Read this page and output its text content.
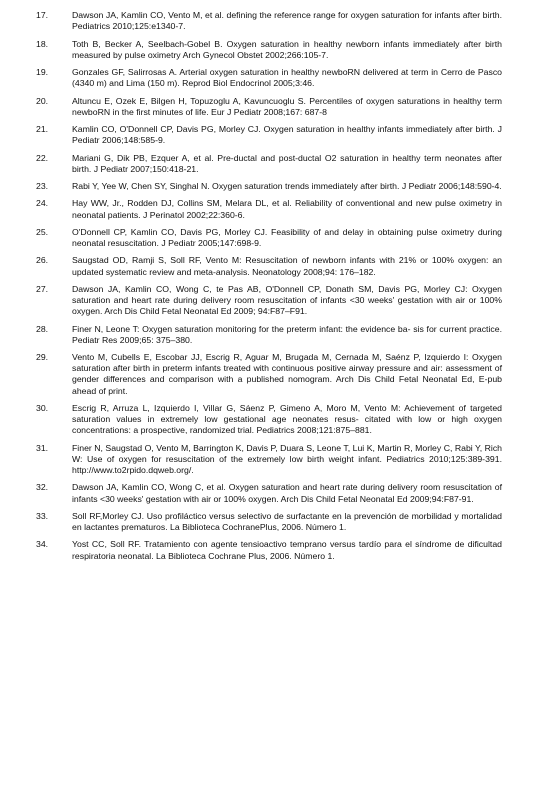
17.	Dawson JA, Kamlin CO, Vento M, et al. defining the reference range for oxygen saturation for infants after birth. Pediatrics 2010;125:e1340-7.
18.	Toth B, Becker A, Seelbach-Gobel B. Oxygen saturation in healthy newborn infants immediately after birth measured by pulse oximetry Arch Gynecol Obstet 2002;266:105-7.
19.	Gonzales GF, Salirrosas A. Arterial oxygen saturation in healthy newboRN delivered at term in Cerro de Pasco (4340 m) and Lima (150 m). Reprod Biol Endocrinol 2005;3:46.
20.	Altuncu E, Ozek E, Bilgen H, Topuzoglu A, Kavuncuoglu S. Percentiles of oxygen saturations in healthy term newboRN in the first minutes of life. Eur J Pediatr 2008;167: 687-8
21.	Kamlin CO, O'Donnell CP, Davis PG, Morley CJ. Oxygen saturation in healthy infants immediately after birth. J Pediatr 2006;148:585-9.
22.	Mariani G, Dik PB, Ezquer A, et al. Pre-ductal and post-ductal O2 saturation in healthy term neonates after birth. J Pediatr 2007;150:418-21.
23.	Rabi Y, Yee W, Chen SY, Singhal N. Oxygen saturation trends immediately after birth. J Pediatr 2006;148:590-4.
24.	Hay WW, Jr., Rodden DJ, Collins SM, Melara DL, et al. Reliability of conventional and new pulse oximetry in neonatal patients. J Perinatol 2002;22:360-6.
25.	O'Donnell CP, Kamlin CO, Davis PG, Morley CJ. Feasibility of and delay in obtaining pulse oximetry during neonatal resuscitation. J Pediatr 2005;147:698-9.
26.	Saugstad OD, Ramji S, Soll RF, Vento M: Resuscitation of newborn infants with 21% or 100% oxygen: an updated systematic review and meta-analysis. Neonatology 2008;94: 176–182.
27.	Dawson JA, Kamlin CO, Wong C, te Pas AB, O'Donnell CP, Donath SM, Davis PG, Morley CJ: Oxygen saturation and heart rate during delivery room resuscitation of infants <30 weeks' gestation with air or 100% oxygen. Arch Dis Child Fetal Neonatal Ed 2009; 94:F87–F91.
28.	Finer N, Leone T: Oxygen saturation monitoring for the preterm infant: the evidence ba- sis for current practice. Pediatr Res 2009;65: 375–380.
29.	Vento M, Cubells E, Escobar JJ, Escrig R, Aguar M, Brugada M, Cernada M, Saénz P, Izquierdo I: Oxygen saturation after birth in preterm infants treated with continuous positive airway pressure and air: assessment of gender differences and comparison with a published nomogram. Arch Dis Child Fetal Neonatal Ed, E-pub ahead of print.
30.	Escrig R, Arruza L, Izquierdo I, Villar G, Sáenz P, Gimeno A, Moro M, Vento M: Achievement of targeted saturation values in extremely low gestational age neonates resus- citated with low or high oxygen concentrations: a prospective, randomized trial. Pediatrics 2008;121:875–881.
31.	Finer N, Saugstad O, Vento M, Barrington K, Davis P, Duara S, Leone T, Lui K, Martin R, Morley C, Rabi Y, Rich W: Use of oxygen for resuscitation of the extremely low birth weight infant. Pediatrics 2010;125:389-391. http://www.to2rpido.dqweb.org/.
32.	Dawson JA, Kamlin CO, Wong C, et al. Oxygen saturation and heart rate during delivery room resuscitation of infants <30 weeks' gestation with air or 100% oxygen. Arch Dis Child Fetal Neonatal Ed 2009;94:F87-91.
33.	Soll RF,Morley CJ. Uso profiláctico versus selectivo de surfactante en la prevención de morbilidad y mortalidad en lactantes prematuros. La Biblioteca CochranePlus, 2006. Número 1.
34.	Yost CC, Soll RF. Tratamiento con agente tensioactivo temprano versus tardío para el síndrome de dificultad respiratoria neonatal. La Biblioteca Cochrane Plus, 2006. Número 1.
